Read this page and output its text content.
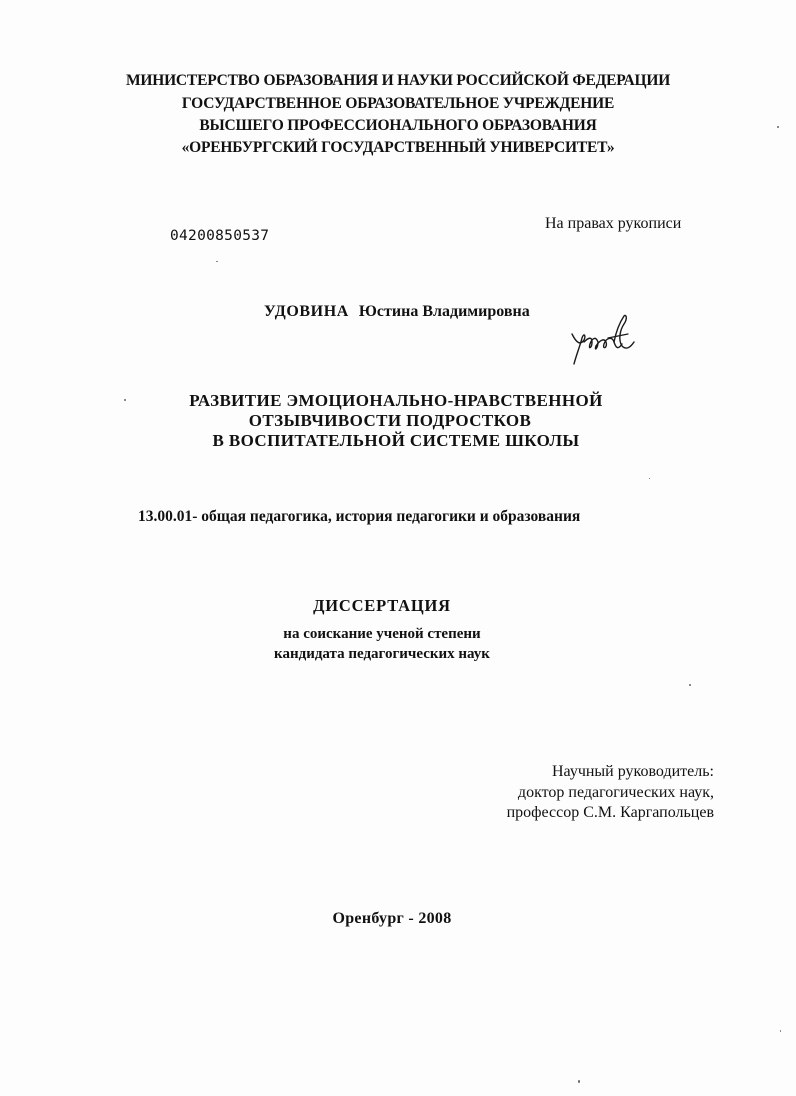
МИНИСТЕРСТВО ОБРАЗОВАНИЯ И НАУКИ РОССИЙСКОЙ ФЕДЕРАЦИИ
ГОСУДАРСТВЕННОЕ ОБРАЗОВАТЕЛЬНОЕ УЧРЕЖДЕНИЕ
ВЫСШЕГО ПРОФЕССИОНАЛЬНОГО ОБРАЗОВАНИЯ
«ОРЕНБУРГСКИЙ ГОСУДАРСТВЕННЫЙ УНИВЕРСИТЕТ»
04200850537
На правах рукописи
УДОВИНА Юстина Владимировна
РАЗВИТИЕ ЭМОЦИОНАЛЬНО-НРАВСТВЕННОЙ
ОТЗЫВЧИВОСТИ ПОДРОСТКОВ
В ВОСПИТАТЕЛЬНОЙ СИСТЕМЕ ШКОЛЫ
13.00.01- общая педагогика, история педагогики и образования
ДИССЕРТАЦИЯ
на соискание ученой степени
кандидата педагогических наук
Научный руководитель:
доктор педагогических наук,
профессор С.М. Каргапольцев
Оренбург - 2008
